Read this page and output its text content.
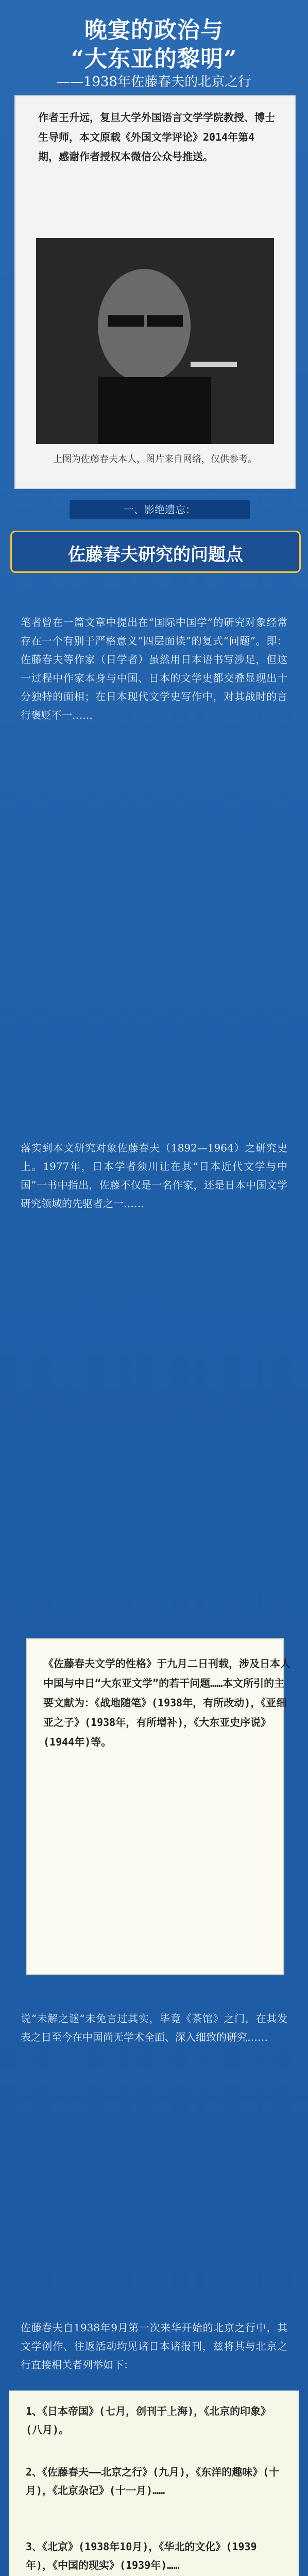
晚宴的政治与
“大东亚的黎明”
——1938年佐藤春夫的北京之行
作者王升远，复旦大学外国语言文学学院教授、博士生导师，本文原载《外国文学评论》2014年第4期，感谢作者授权本微信公众号推送。
上图为佐藤春夫本人，图片来自网络，仅供参考。
一、影绝遗忘：
佐藤春夫研究的问题点
笔者曾在一篇文章中提出在“国际中国学”的研究对象经常存在一个有别于严格意义“四层面读”的复式“问题”。即：佐藤春夫等作家（日学者）虽然用日本语书写涉足，但这一过程中作家本身与中国、日本的文学史都交叠显现出十分独特的面相；在日本现代文学史写作中，对其战时的言行褒贬不一……
落实到本文研究对象佐藤春夫（1892—1964）之研究史上。1977年，日本学者须川让在其“日本近代文学与中国”一书中指出，佐藤不仅是一名作家，还是日本中国文学研究领域的先驱者之一……
《佐藤春夫文学的性格》于九月二日刊载，涉及日本人中国与中日“大东亚文学”的若干问题……本文所引的主要文献为：《战地随笔》(1938年，有所改动)，《亚细亚之子》(1938年，有所增补)，《大东亚史序说》(1944年)等。
说“未解之谜”未免言过其实，毕竟《茶馆》之门，在其发表之日至今在中国尚无学术全面、深入细致的研究……
佐藤春夫自1938年9月第一次来华开始的北京之行中，其文学创作、往返活动均见诸日本诸报刊，兹将其与北京之行直接相关者列举如下：
1、《日本帝国》(七月，创刊于上海)，《北京的印象》(八月)。
2、《佐藤春夫——北京之行》(九月)，《东洋的趣味》(十月)，《北京杂记》(十一月)……
3、《北京》(1938年10月)，《华北的文化》(1939年)，《中国的现实》(1939年)……
